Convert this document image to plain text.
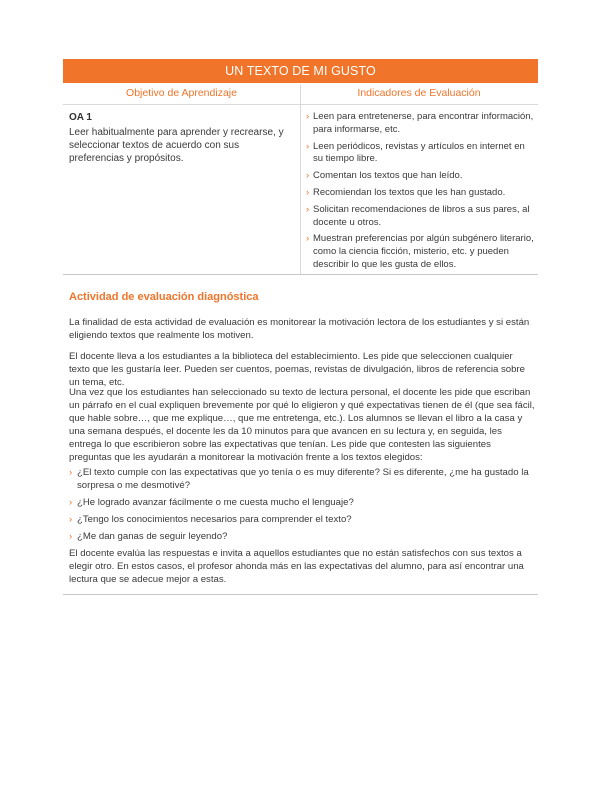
UN TEXTO DE MI GUSTO
Objetivo de Aprendizaje	Indicadores de Evaluación
OA 1
Leer habitualmente para aprender y recrearse, y seleccionar textos de acuerdo con sus preferencias y propósitos.
› Leen para entretenerse, para encontrar información, para informarse, etc.
› Leen periódicos, revistas y artículos en internet en su tiempo libre.
› Comentan los textos que han leído.
› Recomiendan los textos que les han gustado.
› Solicitan recomendaciones de libros a sus pares, al docente u otros.
› Muestran preferencias por algún subgénero literario, como la ciencia ficción, misterio, etc. y pueden describir lo que les gusta de ellos.
Actividad de evaluación diagnóstica

La finalidad de esta actividad de evaluación es monitorear la motivación lectora de los estudiantes y si están eligiendo textos que realmente los motiven.

El docente lleva a los estudiantes a la biblioteca del establecimiento. Les pide que seleccionen cualquier texto que les gustaría leer. Pueden ser cuentos, poemas, revistas de divulgación, libros de referencia sobre un tema, etc.

Una vez que los estudiantes han seleccionado su texto de lectura personal, el docente les pide que escriban un párrafo en el cual expliquen brevemente por qué lo eligieron y qué expectativas tienen de él (que sea fácil, que hable sobre…, que me explique…, que me entretenga, etc.). Los alumnos se llevan el libro a la casa y una semana después, el docente les da 10 minutos para que avancen en su lectura y, en seguida, les entrega lo que escribieron sobre las expectativas que tenían. Les pide que contesten las siguientes preguntas que les ayudarán a monitorear la motivación frente a los textos elegidos:

› ¿El texto cumple con las expectativas que yo tenía o es muy diferente? Si es diferente, ¿me ha gustado la sorpresa o me desmotivé?
› ¿He logrado avanzar fácilmente o me cuesta mucho el lenguaje?
› ¿Tengo los conocimientos necesarios para comprender el texto?
› ¿Me dan ganas de seguir leyendo?

El docente evalúa las respuestas e invita a aquellos estudiantes que no están satisfechos con sus textos a elegir otro. En estos casos, el profesor ahonda más en las expectativas del alumno, para así encontrar una lectura que se adecue mejor a estas.
